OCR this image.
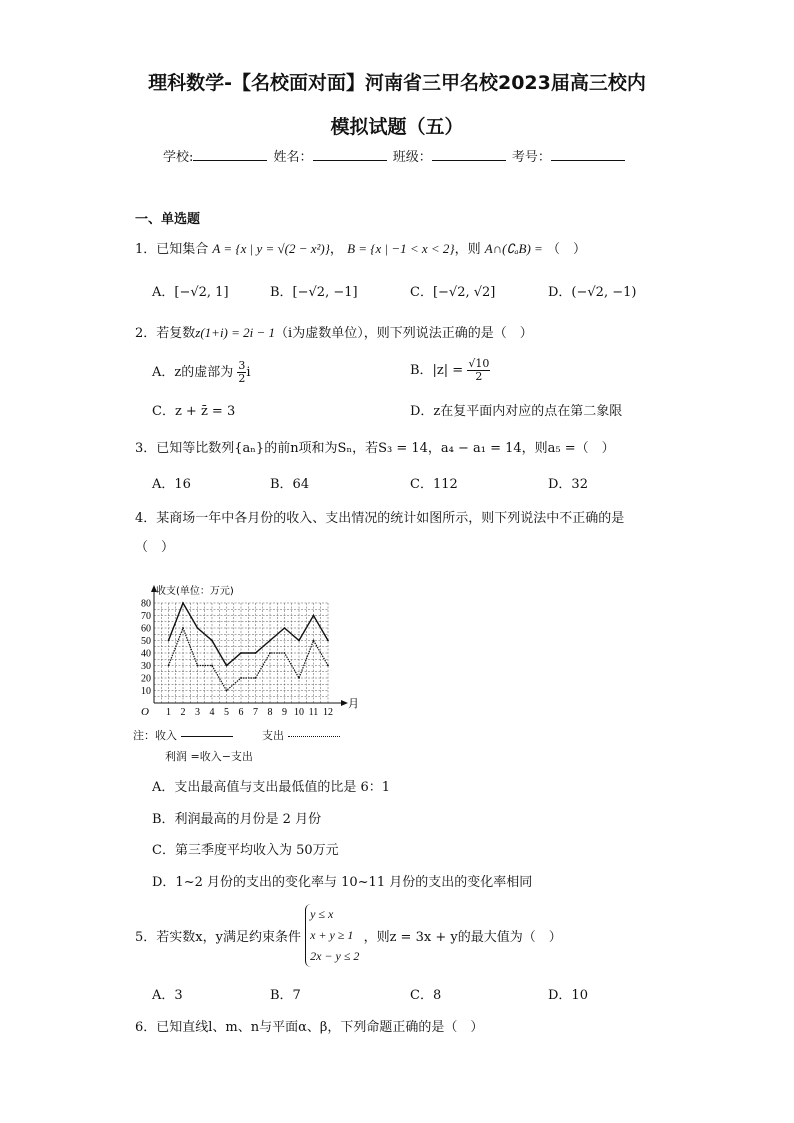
理科数学-【名校面对面】河南省三甲名校2023届高三校内
模拟试题（五）
学校:	姓名：	班级：	考号：
一、单选题
1．已知集合 A = {x | y = √(2 − x²)}， B = {x | −1 < x < 2}，则 A∩(∁ₐB) = （　）
A．[−√2, 1]	B．[−√2, −1]	C．[−√2, √2]	D．(−√2, −1)
2．若复数z(1+i) = 2i − 1（i为虚数单位），则下列说法正确的是（　）
A．z的虚部为 $\frac{3}{2}$ i	B．$|z| = \frac{√10}{2}$
C．z + z̄ = 3	D．z在复平面内对应的点在第二象限
3．已知等比数列{aₙ}的前n项和为Sₙ，若S₃ = 14，a₄ − a₁ = 14，则a₅ =（　）
A．16	B．64	C．112	D．32
4．某商场一年中各月份的收入、支出情况的统计如图所示，则下列说法中不正确的是
（　）
10
20
30
40
50
60
70
80
1 2 3 4 5 6 7 8 9 10 11 12
O
月
收支(单位：万元)
注：收入	支出
利润 =收入−支出
A．支出最高值与支出最低值的比是 6：1
B．利润最高的月份是 2 月份
C．第三季度平均收入为 50万元
D．1~2 月份的支出的变化率与 10~11 月份的支出的变化率相同
5．若实数x，y满足约束条件
y ≤ x
x + y ≥ 1
2x − y ≤ 2
，则z = 3x + y的最大值为（　）
A．3	B．7	C．8	D．10
6．已知直线l、m、n与平面α、β，下列命题正确的是（　）
